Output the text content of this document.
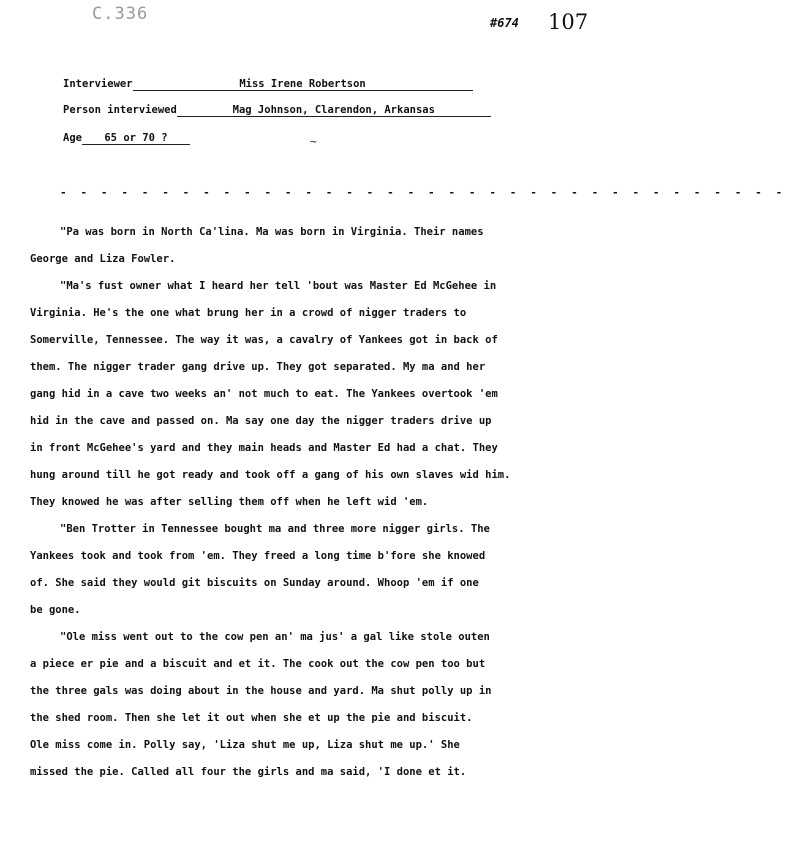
C.336	#674 107
Interviewer	Miss Irene Robertson
Person interviewed	Mag Johnson, Clarendon, Arkansas
Age 65 or 70 ?	~
- - - - - - - - - - - - - - - - - - - - - - - - - - - - - - - - - - - -
"Pa was born in North Ca'lina. Ma was born in Virginia. Their names
George and Liza Fowler.
"Ma's fust owner what I heard her tell 'bout was Master Ed McGehee in
Virginia. He's the one what brung her in a crowd of nigger traders to
Somerville, Tennessee. The way it was, a cavalry of Yankees got in back of
them. The nigger trader gang drive up. They got separated. My ma and her
gang hid in a cave two weeks an' not much to eat. The Yankees overtook 'em
hid in the cave and passed on. Ma say one day the nigger traders drive up
in front McGehee's yard and they main heads and Master Ed had a chat. They
hung around till he got ready and took off a gang of his own slaves wid him.
They knowed he was after selling them off when he left wid 'em.
"Ben Trotter in Tennessee bought ma and three more nigger girls. The
Yankees took and took from 'em. They freed a long time b'fore she knowed
of. She said they would git biscuits on Sunday around. Whoop 'em if one
be gone.
"Ole miss went out to the cow pen an' ma jus' a gal like stole outen
a piece er pie and a biscuit and et it. The cook out the cow pen too but
the three gals was doing about in the house and yard. Ma shut polly up in
the shed room. Then she let it out when she et up the pie and biscuit.
Ole miss come in. Polly say, 'Liza shut me up, Liza shut me up.' She
missed the pie. Called all four the girls and ma said, 'I done et it.
